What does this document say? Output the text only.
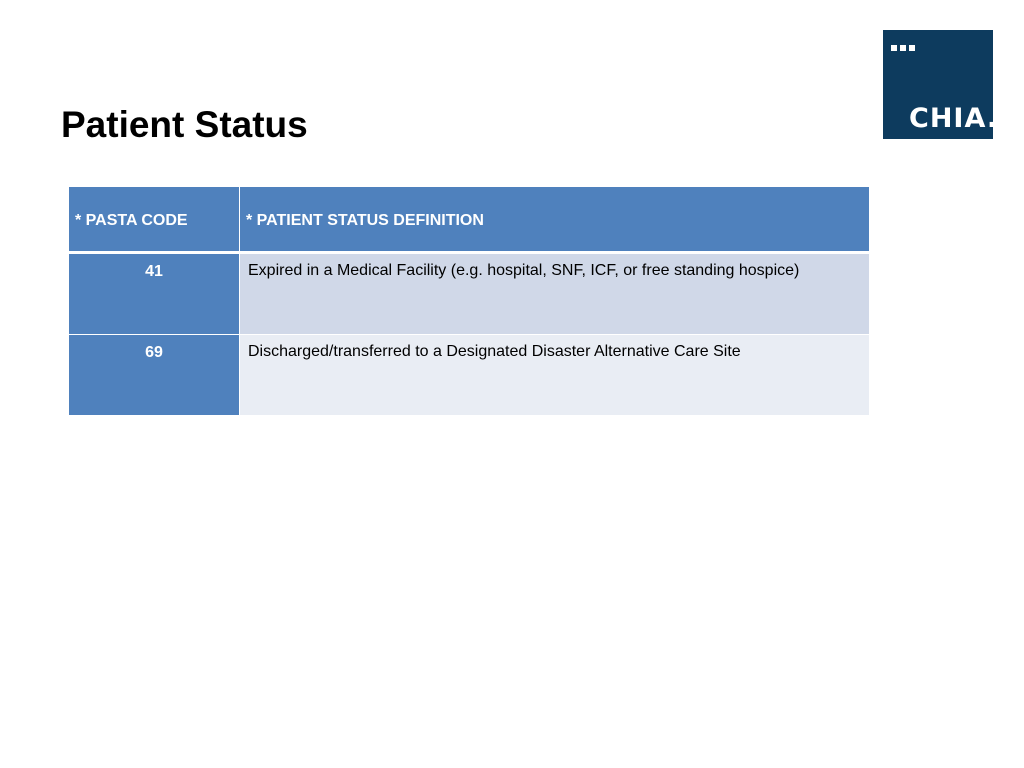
Patient Status	CHIA.
* PASTA CODE	* PATIENT STATUS DEFINITION

41	Expired in a Medical Facility (e.g. hospital, SNF, ICF, or free standing hospice)

69	Discharged/transferred to a Designated Disaster Alternative Care Site
